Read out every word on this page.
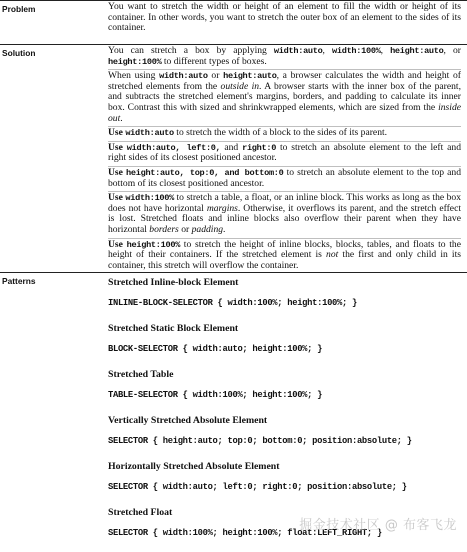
Problem	You want to stretch the width or height of an element to fill the width or height of its container. In other words, you want to stretch the outer box of an element to the sides of its container.

Solution	You can stretch a box by applying width:auto, width:100%, height:auto, or height:100% to different types of boxes.

When using width:auto or height:auto, a browser calculates the width and height of stretched elements from the outside in. A browser starts with the inner box of the parent, and subtracts the stretched element's margins, borders, and padding to calculate its inner box. Contrast this with sized and shrinkwrapped elements, which are sized from the inside out.

Use width:auto to stretch the width of a block to the sides of its parent.

Use width:auto, left:0, and right:0 to stretch an absolute element to the left and right sides of its closest positioned ancestor.

Use height:auto, top:0, and bottom:0 to stretch an absolute element to the top and bottom of its closest positioned ancestor.

Use width:100% to stretch a table, a float, or an inline block. This works as long as the box does not have horizontal margins. Otherwise, it overflows its parent, and the stretch effect is lost. Stretched floats and inline blocks also overflow their parent when they have horizontal borders or padding.

Use height:100% to stretch the height of inline blocks, blocks, tables, and floats to the height of their containers. If the stretched element is not the first and only child in its container, this stretch will overflow the container.

Patterns	Stretched Inline-block Element

INLINE-BLOCK-SELECTOR { width:100%; height:100%; }

Stretched Static Block Element

BLOCK-SELECTOR { width:auto; height:100%; }

Stretched Table

TABLE-SELECTOR { width:100%; height:100%; }

Vertically Stretched Absolute Element

SELECTOR { height:auto; top:0; bottom:0; position:absolute; }

Horizontally Stretched Absolute Element

SELECTOR { width:auto; left:0; right:0; position:absolute; }

Stretched Float

SELECTOR { width:100%; height:100%; float:LEFT_RIGHT; }

掘金技术社区 @ 布客飞龙
